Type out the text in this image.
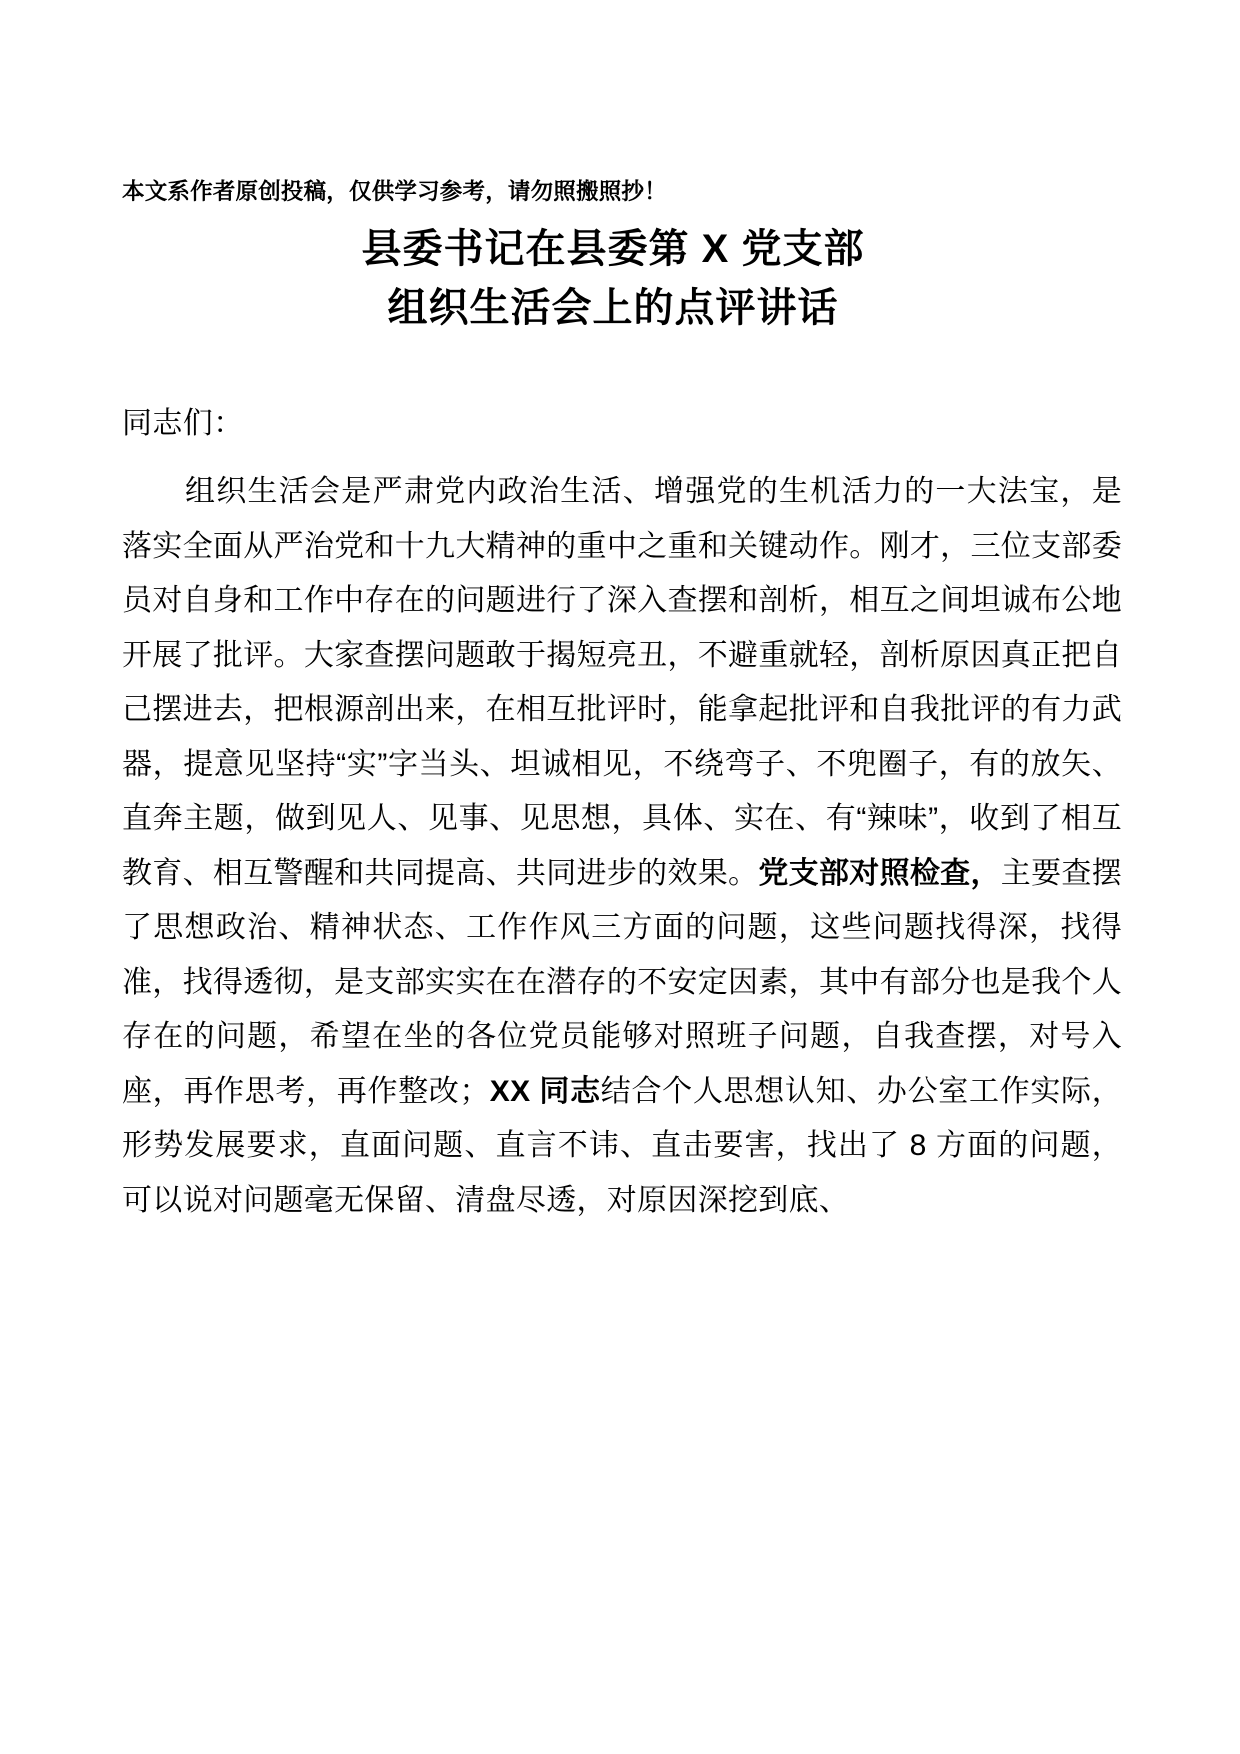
本文系作者原创投稿，仅供学习参考，请勿照搬照抄！
县委书记在县委第 X 党支部
组织生活会上的点评讲话

同志们：

组织生活会是严肃党内政治生活、增强党的生机活力的一大法宝，是落实全面从严治党和十九大精神的重中之重和关键动作。刚才，三位支部委员对自身和工作中存在的问题进行了深入查摆和剖析，相互之间坦诚布公地开展了批评。大家查摆问题敢于揭短亮丑，不避重就轻，剖析原因真正把自己摆进去，把根源剖出来，在相互批评时，能拿起批评和自我批评的有力武器，提意见坚持“实”字当头、坦诚相见，不绕弯子、不兜圈子，有的放矢、直奔主题，做到见人、见事、见思想，具体、实在、有“辣味”，收到了相互教育、相互警醒和共同提高、共同进步的效果。党支部对照检查，主要查摆了思想政治、精神状态、工作作风三方面的问题，这些问题找得深，找得准，找得透彻，是支部实实在在潜存的不安定因素，其中有部分也是我个人存在的问题，希望在坐的各位党员能够对照班子问题，自我查摆，对号入座，再作思考，再作整改；XX 同志结合个人思想认知、办公室工作实际，形势发展要求，直面问题、直言不讳、直击要害，找出了 8 方面的问题，可以说对问题毫无保留、清盘尽透，对原因深挖到底、
